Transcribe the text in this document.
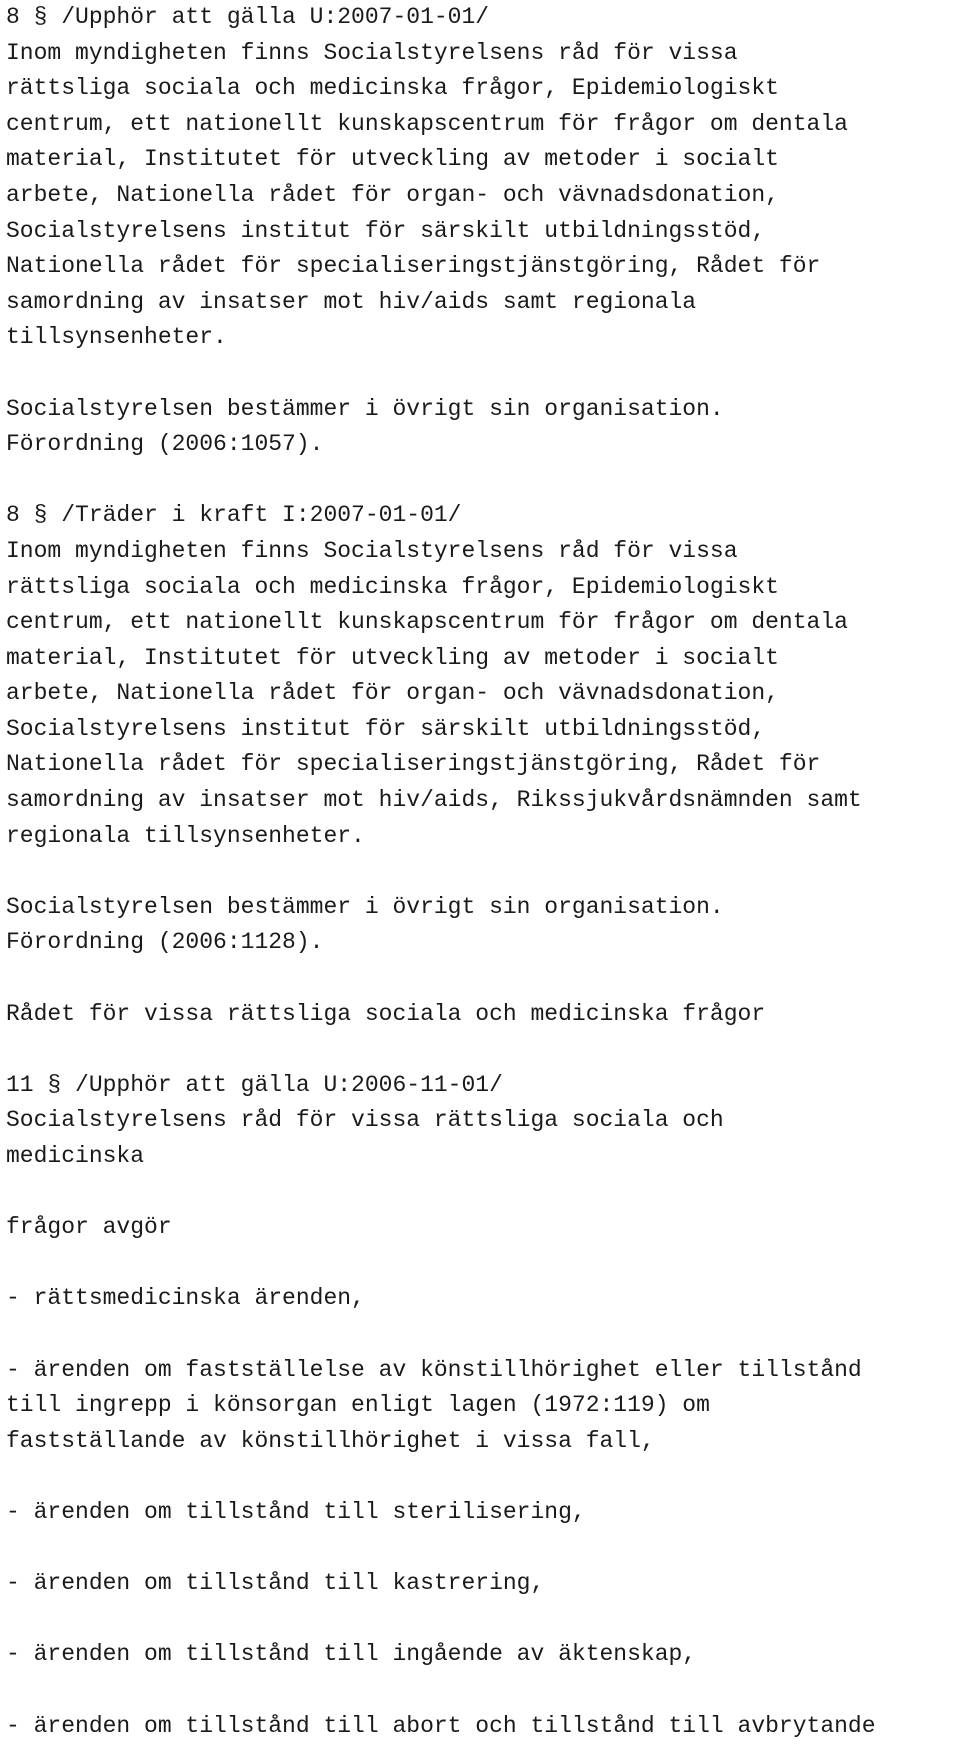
8 § /Upphör att gälla U:2007-01-01/
Inom myndigheten finns Socialstyrelsens råd för vissa
rättsliga sociala och medicinska frågor, Epidemiologiskt
centrum, ett nationellt kunskapscentrum för frågor om dentala
material, Institutet för utveckling av metoder i socialt
arbete, Nationella rådet för organ- och vävnadsdonation,
Socialstyrelsens institut för särskilt utbildningsstöd,
Nationella rådet för specialiseringstjänstgöring, Rådet för
samordning av insatser mot hiv/aids samt regionala
tillsynsenheter.
Socialstyrelsen bestämmer i övrigt sin organisation.
Förordning (2006:1057).
8 § /Träder i kraft I:2007-01-01/
Inom myndigheten finns Socialstyrelsens råd för vissa
rättsliga sociala och medicinska frågor, Epidemiologiskt
centrum, ett nationellt kunskapscentrum för frågor om dentala
material, Institutet för utveckling av metoder i socialt
arbete, Nationella rådet för organ- och vävnadsdonation,
Socialstyrelsens institut för särskilt utbildningsstöd,
Nationella rådet för specialiseringstjänstgöring, Rådet för
samordning av insatser mot hiv/aids, Rikssjukvårdsnämnden samt
regionala tillsynsenheter.
Socialstyrelsen bestämmer i övrigt sin organisation.
Förordning (2006:1128).
Rådet för vissa rättsliga sociala och medicinska frågor
11 § /Upphör att gälla U:2006-11-01/
Socialstyrelsens råd för vissa rättsliga sociala och
medicinska
frågor avgör
- rättsmedicinska ärenden,
- ärenden om fastställelse av könstillhörighet eller tillstånd
till ingrepp i könsorgan enligt lagen (1972:119) om
fastställande av könstillhörighet i vissa fall,
- ärenden om tillstånd till sterilisering,
- ärenden om tillstånd till kastrering,
- ärenden om tillstånd till ingående av äktenskap,
- ärenden om tillstånd till abort och tillstånd till avbrytande
